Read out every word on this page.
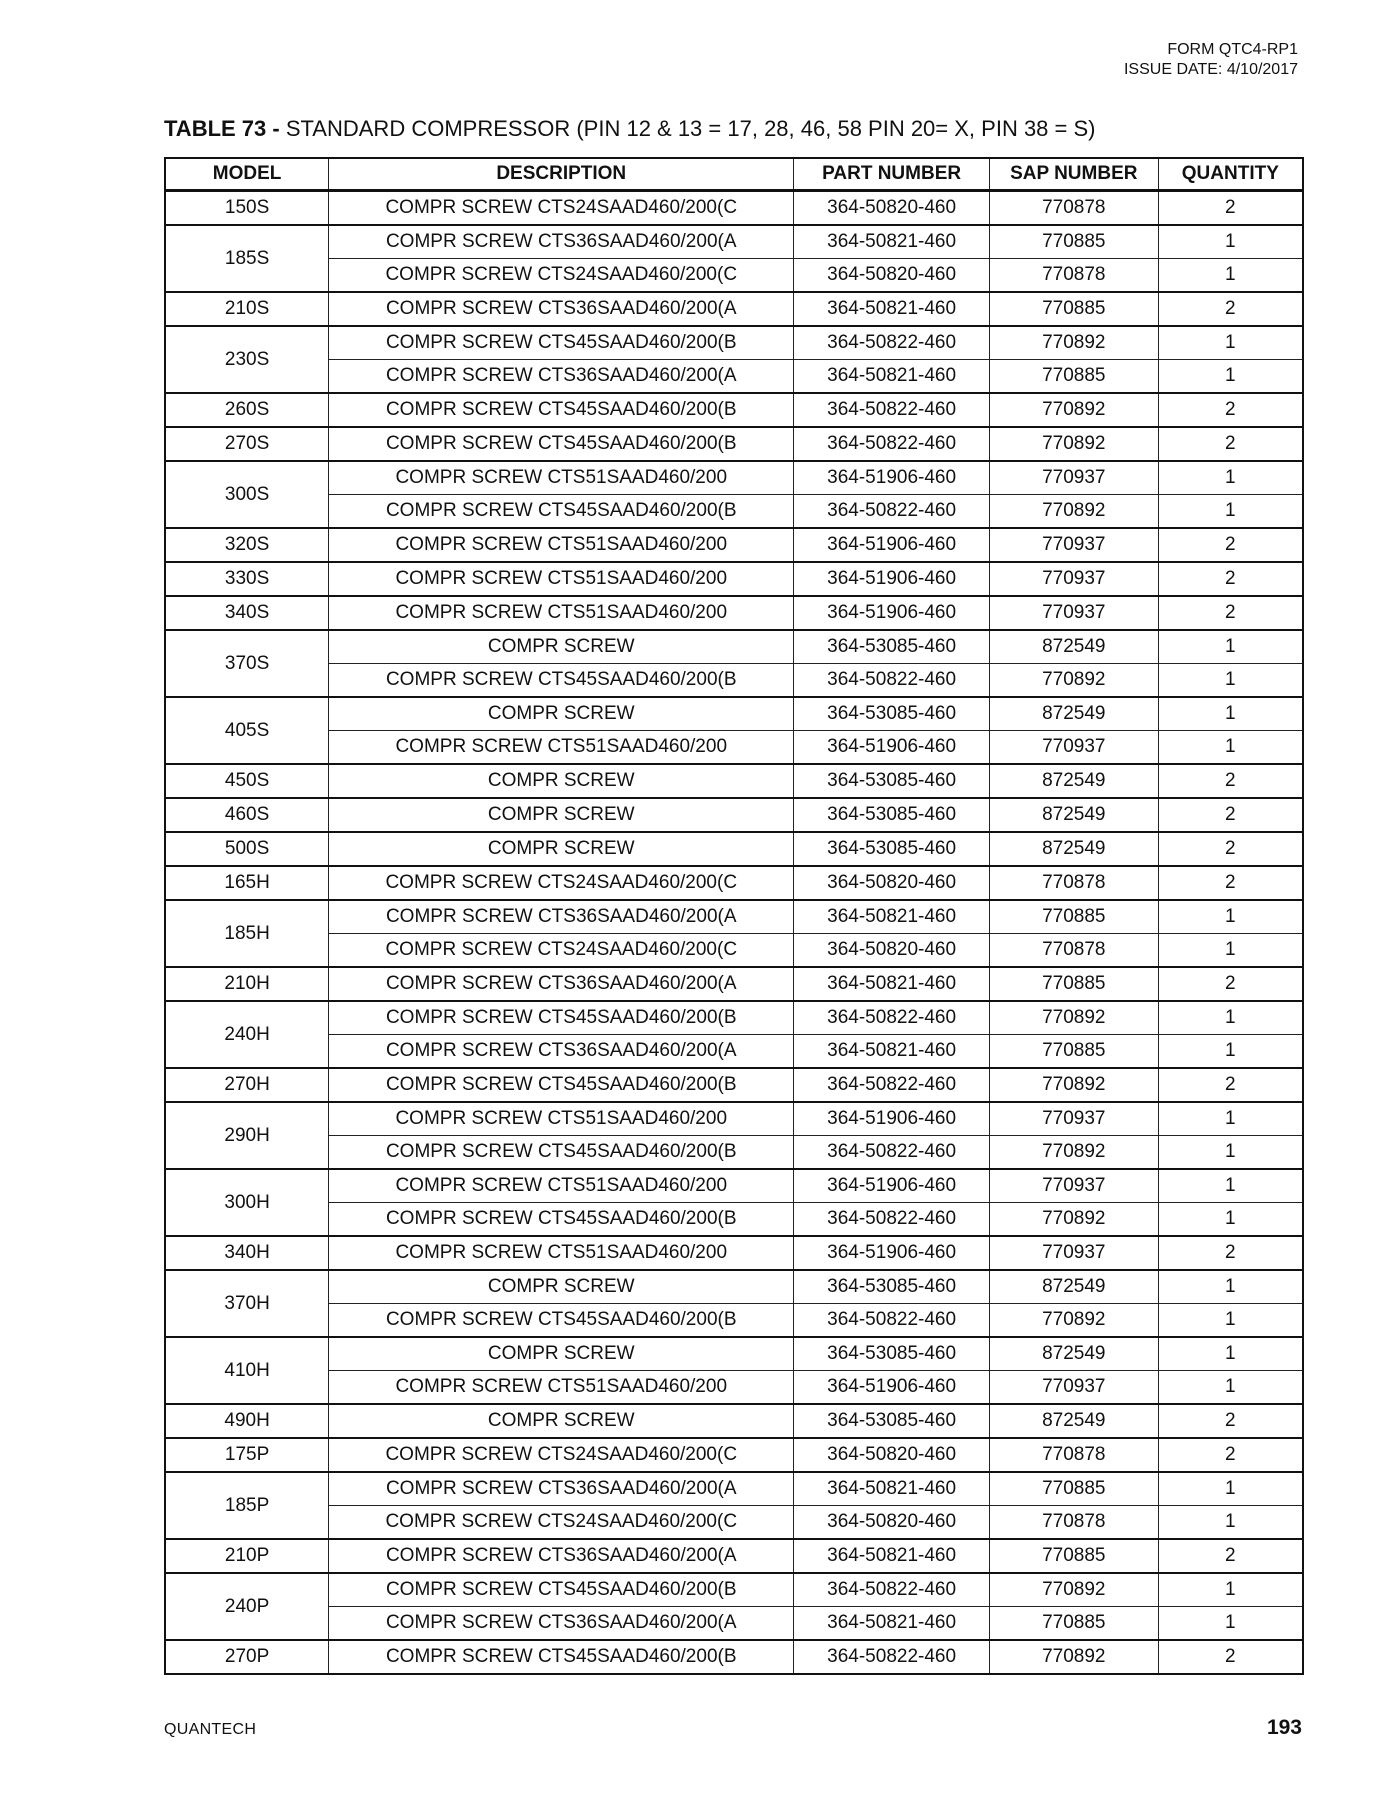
FORM QTC4-RP1
ISSUE DATE: 4/10/2017
TABLE 73 - STANDARD COMPRESSOR (PIN 12 & 13 = 17, 28, 46, 58 PIN 20= X, PIN 38 = S)
MODEL	DESCRIPTION	PART NUMBER	SAP NUMBER	QUANTITY
150S	COMPR SCREW CTS24SAAD460/200(C	364-50820-460	770878	2
185S	COMPR SCREW CTS36SAAD460/200(A	364-50821-460	770885	1
	COMPR SCREW CTS24SAAD460/200(C	364-50820-460	770878	1
210S	COMPR SCREW CTS36SAAD460/200(A	364-50821-460	770885	2
230S	COMPR SCREW CTS45SAAD460/200(B	364-50822-460	770892	1
	COMPR SCREW CTS36SAAD460/200(A	364-50821-460	770885	1
260S	COMPR SCREW CTS45SAAD460/200(B	364-50822-460	770892	2
270S	COMPR SCREW CTS45SAAD460/200(B	364-50822-460	770892	2
300S	COMPR SCREW CTS51SAAD460/200	364-51906-460	770937	1
	COMPR SCREW CTS45SAAD460/200(B	364-50822-460	770892	1
320S	COMPR SCREW CTS51SAAD460/200	364-51906-460	770937	2
330S	COMPR SCREW CTS51SAAD460/200	364-51906-460	770937	2
340S	COMPR SCREW CTS51SAAD460/200	364-51906-460	770937	2
370S	COMPR SCREW	364-53085-460	872549	1
	COMPR SCREW CTS45SAAD460/200(B	364-50822-460	770892	1
405S	COMPR SCREW	364-53085-460	872549	1
	COMPR SCREW CTS51SAAD460/200	364-51906-460	770937	1
450S	COMPR SCREW	364-53085-460	872549	2
460S	COMPR SCREW	364-53085-460	872549	2
500S	COMPR SCREW	364-53085-460	872549	2
165H	COMPR SCREW CTS24SAAD460/200(C	364-50820-460	770878	2
185H	COMPR SCREW CTS36SAAD460/200(A	364-50821-460	770885	1
	COMPR SCREW CTS24SAAD460/200(C	364-50820-460	770878	1
210H	COMPR SCREW CTS36SAAD460/200(A	364-50821-460	770885	2
240H	COMPR SCREW CTS45SAAD460/200(B	364-50822-460	770892	1
	COMPR SCREW CTS36SAAD460/200(A	364-50821-460	770885	1
270H	COMPR SCREW CTS45SAAD460/200(B	364-50822-460	770892	2
290H	COMPR SCREW CTS51SAAD460/200	364-51906-460	770937	1
	COMPR SCREW CTS45SAAD460/200(B	364-50822-460	770892	1
300H	COMPR SCREW CTS51SAAD460/200	364-51906-460	770937	1
	COMPR SCREW CTS45SAAD460/200(B	364-50822-460	770892	1
340H	COMPR SCREW CTS51SAAD460/200	364-51906-460	770937	2
370H	COMPR SCREW	364-53085-460	872549	1
	COMPR SCREW CTS45SAAD460/200(B	364-50822-460	770892	1
410H	COMPR SCREW	364-53085-460	872549	1
	COMPR SCREW CTS51SAAD460/200	364-51906-460	770937	1
490H	COMPR SCREW	364-53085-460	872549	2
175P	COMPR SCREW CTS24SAAD460/200(C	364-50820-460	770878	2
185P	COMPR SCREW CTS36SAAD460/200(A	364-50821-460	770885	1
	COMPR SCREW CTS24SAAD460/200(C	364-50820-460	770878	1
210P	COMPR SCREW CTS36SAAD460/200(A	364-50821-460	770885	2
240P	COMPR SCREW CTS45SAAD460/200(B	364-50822-460	770892	1
	COMPR SCREW CTS36SAAD460/200(A	364-50821-460	770885	1
270P	COMPR SCREW CTS45SAAD460/200(B	364-50822-460	770892	2
QUANTECH	193
